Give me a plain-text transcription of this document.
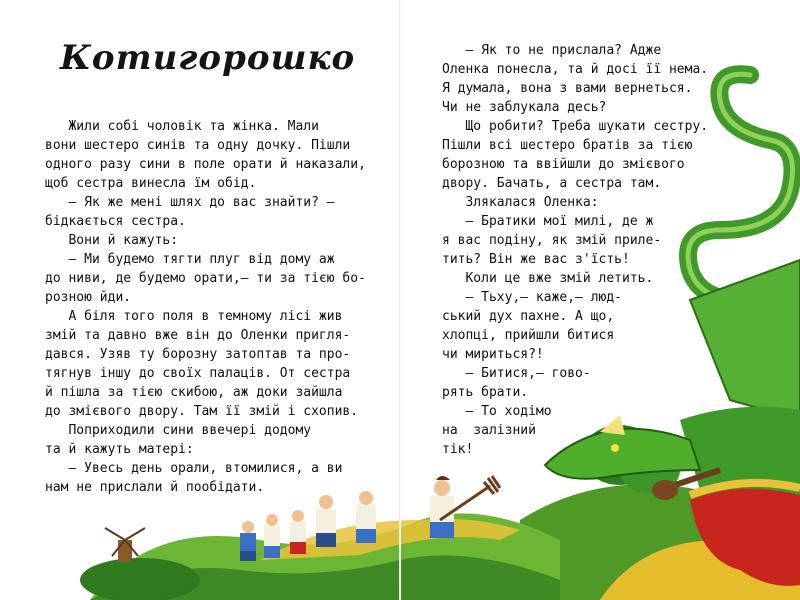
Котигорошко

Жили собі чоловік та жінка. Мали

вони шестеро синів та одну дочку. Пішли

одного разу сини в поле орати й наказали,

щоб сестра винесла їм обід.

— Як же мені шлях до вас знайти? —

бідкається сестра.

Вони й кажуть:

— Ми будемо тягти плуг від дому аж

до ниви, де будемо орати,— ти за тією бо-

розною йди.

А біля того поля в темному лісі жив

змій та давно вже він до Оленки пригля-

дався. Узяв ту борозну затоптав та про-

тягнув іншу до своїх палаців. От сестра

й пішла за тією скибою, аж доки зайшла

до змієвого двору. Там її змій і схопив.

Поприходили сини ввечері додому

та й кажуть матері:

— Увесь день орали, втомилися, а ви

нам не прислали й пообідати.

— Як то не прислала? Адже

Оленка понесла, та й досі її нема.

Я думала, вона з вами вернеться.

Чи не заблукала десь?

Що робити? Треба шукати сестру.

Пішли всі шестеро братів за тією

борозною та ввійшли до змієвого

двору. Бачать, а сестра там.

Злякалася Оленка:

— Братики мої милі, де ж

я вас подіну, як змій приле-

тить? Він же вас з'їсть!

Коли це вже змій летить.

— Тьху,— каже,— люд-

ський дух пахне. А що,

хлопці, прийшли битися

чи мириться?!

— Битися,— гово-

рять брати.

— То ходімо

на  залізний

тік!
